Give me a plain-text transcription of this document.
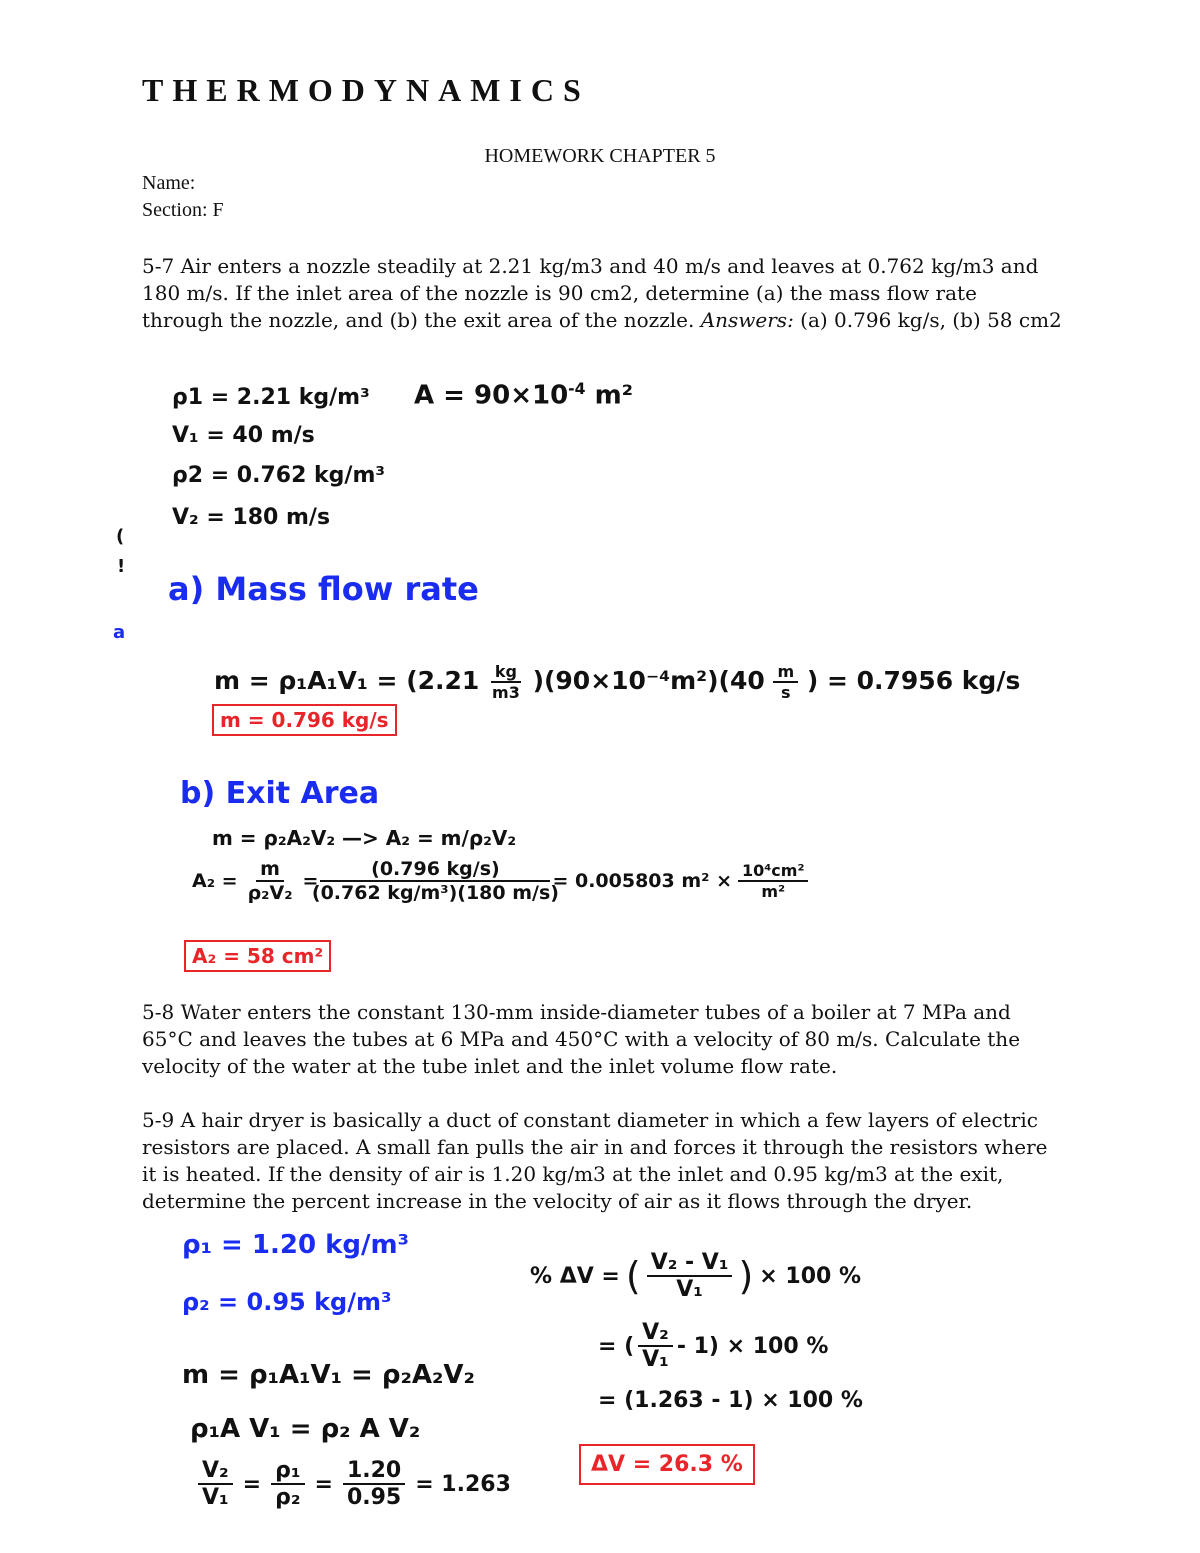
THERMODYNAMICS
HOMEWORK CHAPTER 5
Name:
Section: F
5-7 Air enters a nozzle steadily at 2.21 kg/m3 and 40 m/s and leaves at 0.762 kg/m3 and 180 m/s. If the inlet area of the nozzle is 90 cm2, determine (a) the mass flow rate through the nozzle, and (b) the exit area of the nozzle. Answers: (a) 0.796 kg/s, (b) 58 cm2
ρ1 = 2.21 kg/m³
V₁ = 40 m/s
ρ2 = 0.762 kg/m³
V₂ = 180 m/s
$A = 90\times 10^{-4}$ m²
(
!
a
a) Mass flow rate
$m = \rho_1A_1V_1 = (2.21 \frac{kg}{m3} )(90\times 10^{-4}m^2)(40 \frac{m}{s}$ ) = 0.7956 kg/s
m = 0.796 kg/s
b) Exit Area
m = ρ₂A₂V₂ —> A₂ = m/ρ₂V₂
$A_2 = \frac{m}{\text{ρ₂V₂}} = \frac{(0.796 kg/s)}{\text{(0.762 kg/m³)(180 m/s)}} = 0.005803$ $m^2 \times \frac{\text{10⁴cm²}}{\text{m²}}$
A₂ = 58 cm²
5-8 Water enters the constant 130-mm inside-diameter tubes of a boiler at 7 MPa and 65°C and leaves the tubes at 6 MPa and 450°C with a velocity of 80 m/s. Calculate the velocity of the water at the tube inlet and the inlet volume flow rate.
5-9 A hair dryer is basically a duct of constant diameter in which a few layers of electric resistors are placed. A small fan pulls the air in and forces it through the resistors where it is heated. If the density of air is 1.20 kg/m3 at the inlet and 0.95 kg/m3 at the exit, determine the percent increase in the velocity of air as it flows through the dryer.
ρ₁ = 1.20 kg/m³
ρ₂ = 0.95 kg/m³
m = ρ₁A₁V₁ = ρ₂A₂V₂
ρ₁A V₁ = ρ₂ A V₂
$\frac{\text{V₂}}{\text{V₁}} = \frac{\text{ρ₁}}{\text{ρ₂}} = \frac{1.20}{0.95} = 1.263$
% ΔV = ( $\frac{\text{V₂ - V₁}}{\text{V₁}}$ ) × 100 %
= ( $\frac{\text{V₂}}{\text{V₁}} - 1) \times 100$ %
= (1.263 - 1) × 100 %
ΔV = 26.3 %
